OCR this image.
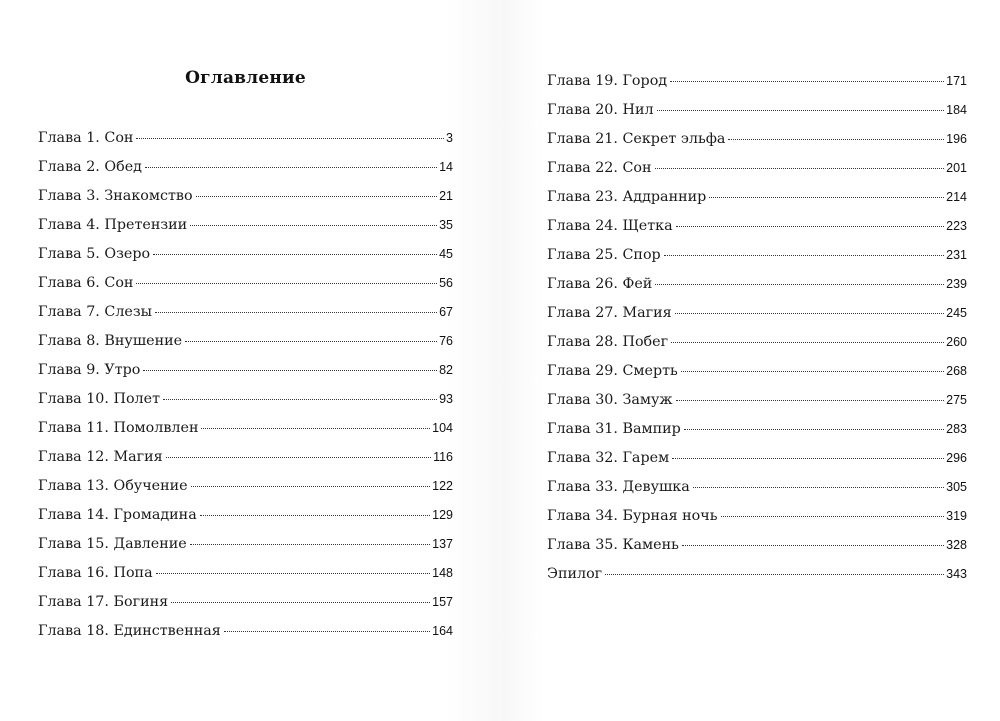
Оглавление
Глава 1. Сон	3
Глава 2. Обед	14
Глава 3. Знакомство	21
Глава 4. Претензии	35
Глава 5. Озеро	45
Глава 6. Сон	56
Глава 7. Слезы	67
Глава 8. Внушение	76
Глава 9. Утро	82
Глава 10. Полет	93
Глава 11. Помолвлен	104
Глава 12. Магия	116
Глава 13. Обучение	122
Глава 14. Громадина	129
Глава 15. Давление	137
Глава 16. Попа	148
Глава 17. Богиня	157
Глава 18. Единственная	164
Глава 19. Город	171
Глава 20. Нил	184
Глава 21. Секрет эльфа	196
Глава 22. Сон	201
Глава 23. Аддраннир	214
Глава 24. Щетка	223
Глава 25. Спор	231
Глава 26. Фей	239
Глава 27. Магия	245
Глава 28. Побег	260
Глава 29. Смерть	268
Глава 30. Замуж	275
Глава 31. Вампир	283
Глава 32. Гарем	296
Глава 33. Девушка	305
Глава 34. Бурная ночь	319
Глава 35. Камень	328
Эпилог	343
